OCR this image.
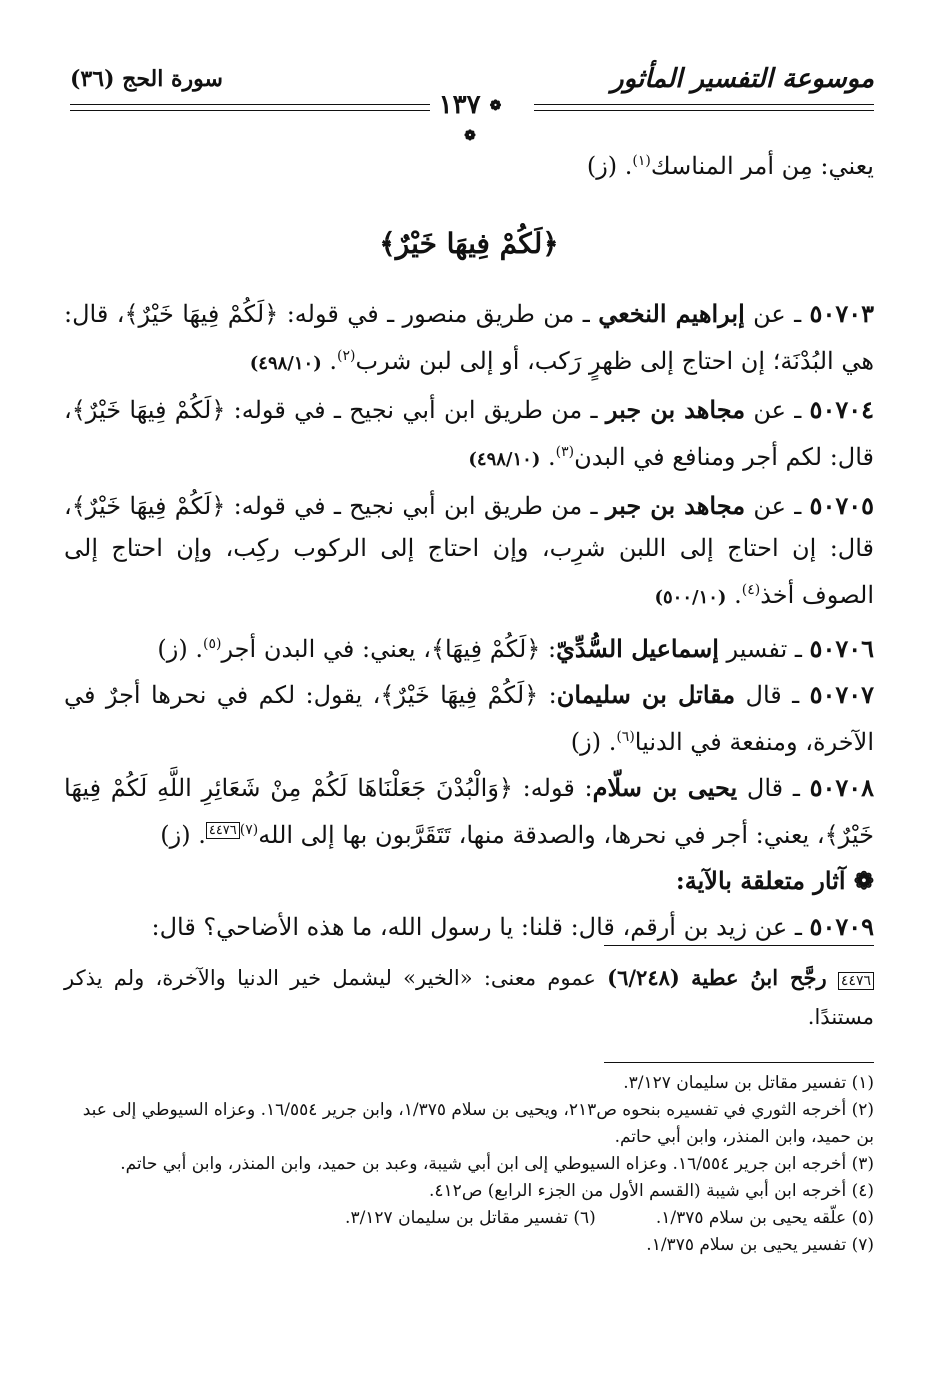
موسوعة التفسير المأثور
سورة الحج (٣٦)
❁ ١٣٧ ❁

يعني: مِن أمر المناسك$^{(١)}$. (ز)

﴿لَكُمْ فِيهَا خَيْرٌ﴾

٥٠٧٠٣ ـ عن إبراهيم النخعي ـ من طريق منصور ـ في قوله: ﴿لَكُمْ فِيهَا خَيْرٌ﴾، قال: هي البُدْنَة؛ إن احتاج إلى ظهرٍ رَكب، أو إلى لبن شرب$^{(٢)}$. (٤٩٨/١٠)

٥٠٧٠٤ ـ عن مجاهد بن جبر ـ من طريق ابن أبي نجيح ـ في قوله: ﴿لَكُمْ فِيهَا خَيْرٌ﴾، قال: لكم أجر ومنافع في البدن$^{(٣)}$. (٤٩٨/١٠)

٥٠٧٠٥ ـ عن مجاهد بن جبر ـ من طريق ابن أبي نجيح ـ في قوله: ﴿لَكُمْ فِيهَا خَيْرٌ﴾، قال: إن احتاج إلى اللبن شرِب، وإن احتاج إلى الركوب ركِب، وإن احتاج إلى الصوف أخذ$^{(٤)}$. (٥٠٠/١٠)

٥٠٧٠٦ ـ تفسير إسماعيل السُّدِّيّ: ﴿لَكُمْ فِيهَا﴾، يعني: في البدن أجر$^{(٥)}$. (ز)

٥٠٧٠٧ ـ قال مقاتل بن سليمان: ﴿لَكُمْ فِيهَا خَيْرٌ﴾، يقول: لكم في نحرها أجرٌ في الآخرة، ومنفعة في الدنيا$^{(٦)}$. (ز)

٥٠٧٠٨ ـ قال يحيى بن سلّام: قوله: ﴿وَالْبُدْنَ جَعَلْنَاهَا لَكُمْ مِنْ شَعَائِرِ اللَّهِ لَكُمْ فِيهَا خَيْرٌ﴾، يعني: أجر في نحرها، والصدقة منها، تَتَقَرَّبون بها إلى الله$^{(٧)٤٤٧٦}$. (ز)

❁ آثار متعلقة بالآية:

٥٠٧٠٩ ـ عن زيد بن أرقم، قال: قلنا: يا رسول الله، ما هذه الأضاحي؟ قال:

٤٤٧٦ رجَّح ابنُ عطية (٦/٢٤٨) عموم معنى: «الخير» ليشمل خير الدنيا والآخرة، ولم يذكر مستندًا.

(١) تفسير مقاتل بن سليمان ٣/١٢٧.

(٢) أخرجه الثوري في تفسيره بنحوه ص٢١٣، ويحيى بن سلام ١/٣٧٥، وابن جرير ١٦/٥٥٤. وعزاه السيوطي إلى عبد بن حميد، وابن المنذر، وابن أبي حاتم.

(٣) أخرجه ابن جرير ١٦/٥٥٤. وعزاه السيوطي إلى ابن أبي شيبة، وعبد بن حميد، وابن المنذر، وابن أبي حاتم.

(٤) أخرجه ابن أبي شيبة (القسم الأول من الجزء الرابع) ص٤١٢.

(٥) علّقه يحيى بن سلام ١/٣٧٥.

(٦) تفسير مقاتل بن سليمان ٣/١٢٧.

(٧) تفسير يحيى بن سلام ١/٣٧٥.
